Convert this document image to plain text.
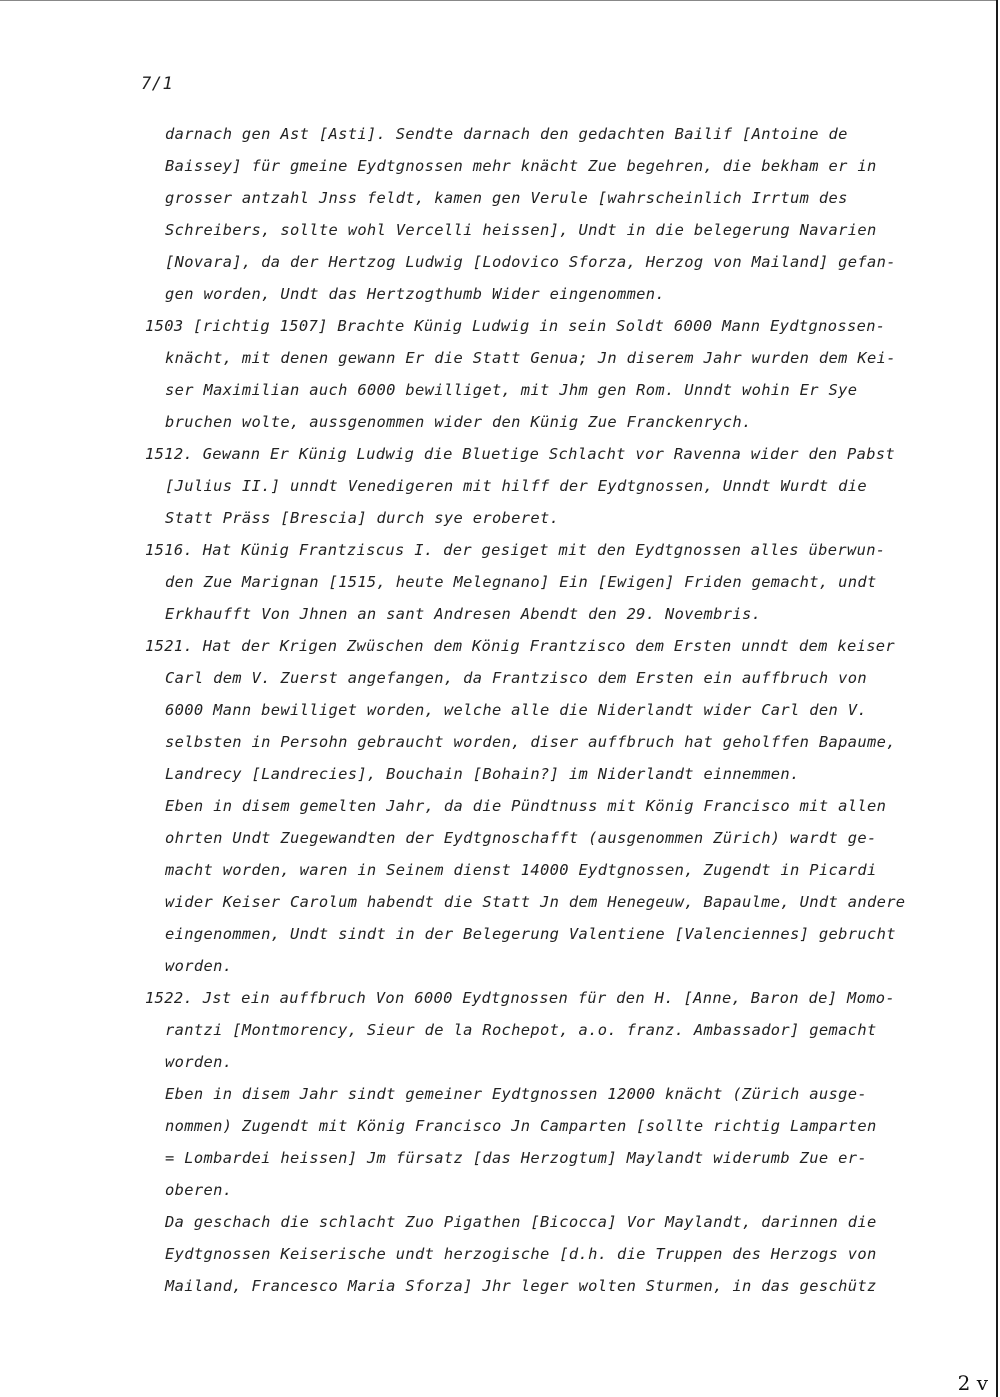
7/1
darnach gen Ast [Asti]. Sendte darnach den gedachten Bailif [Antoine de
Baissey] für gmeine Eydtgnossen mehr knächt Zue begehren, die bekham er in
grosser antzahl Jnss feldt, kamen gen Verule [wahrscheinlich Irrtum des
Schreibers, sollte wohl Vercelli heissen], Undt in die belegerung Navarien
[Novara], da der Hertzog Ludwig [Lodovico Sforza, Herzog von Mailand] gefan-
gen worden, Undt das Hertzogthumb Wider eingenommen.
1503 [richtig 1507] Brachte Künig Ludwig in sein Soldt 6000 Mann Eydtgnossen-
knächt, mit denen gewann Er die Statt Genua; Jn diserem Jahr wurden dem Kei-
ser Maximilian auch 6000 bewilliget, mit Jhm gen Rom. Unndt wohin Er Sye
bruchen wolte, aussgenommen wider den Künig Zue Franckenrych.
1512. Gewann Er Künig Ludwig die Bluetige Schlacht vor Ravenna wider den Pabst
[Julius II.] unndt Venedigeren mit hilff der Eydtgnossen, Unndt Wurdt die
Statt Präss [Brescia] durch sye eroberet.
1516. Hat Künig Frantziscus I. der gesiget mit den Eydtgnossen alles überwun-
den Zue Marignan [1515, heute Melegnano] Ein [Ewigen] Friden gemacht, undt
Erkhaufft Von Jhnen an sant Andresen Abendt den 29. Novembris.
1521. Hat der Krigen Zwüschen dem König Frantzisco dem Ersten unndt dem keiser
Carl dem V. Zuerst angefangen, da Frantzisco dem Ersten ein auffbruch von
6000 Mann bewilliget worden, welche alle die Niderlandt wider Carl den V.
selbsten in Persohn gebraucht worden, diser auffbruch hat geholffen Bapaume,
Landrecy [Landrecies], Bouchain [Bohain?] im Niderlandt einnemmen.
Eben in disem gemelten Jahr, da die Pündtnuss mit König Francisco mit allen
ohrten Undt Zuegewandten der Eydtgnoschafft (ausgenommen Zürich) wardt ge-
macht worden, waren in Seinem dienst 14000 Eydtgnossen, Zugendt in Picardi
wider Keiser Carolum habendt die Statt Jn dem Henegeuw, Bapaulme, Undt andere
eingenommen, Undt sindt in der Belegerung Valentiene [Valenciennes] gebrucht
worden.
1522. Jst ein auffbruch Von 6000 Eydtgnossen für den H. [Anne, Baron de] Momo-
rantzi [Montmorency, Sieur de la Rochepot, a.o. franz. Ambassador] gemacht
worden.
Eben in disem Jahr sindt gemeiner Eydtgnossen 12000 knächt (Zürich ausge-
nommen) Zugendt mit König Francisco Jn Camparten [sollte richtig Lamparten
= Lombardei heissen] Jm fürsatz [das Herzogtum] Maylandt widerumb Zue er-
oberen.
Da geschach die schlacht Zuo Pigathen [Bicocca] Vor Maylandt, darinnen die
Eydtgnossen Keiserische undt herzogische [d.h. die Truppen des Herzogs von
Mailand, Francesco Maria Sforza] Jhr leger wolten Sturmen, in das geschütz
2 v
